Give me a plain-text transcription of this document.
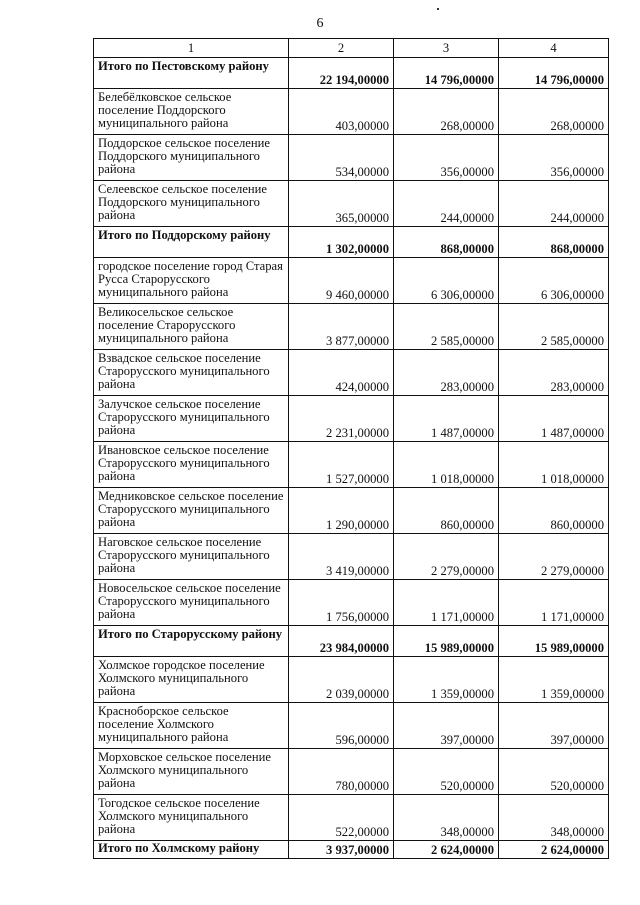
6
1	2	3	4
Итого по Пестовскому району	22 194,00000	14 796,00000	14 796,00000
Белебёлковское сельское поселение Поддорского муниципального района	403,00000	268,00000	268,00000
Поддорское сельское поселение Поддорского муниципального района	534,00000	356,00000	356,00000
Селеевское сельское поселение Поддорского муниципального района	365,00000	244,00000	244,00000
Итого по Поддорскому району	1 302,00000	868,00000	868,00000
городское поселение город Старая Русса Старорусского муниципального района	9 460,00000	6 306,00000	6 306,00000
Великосельское сельское поселение Старорусского муниципального района	3 877,00000	2 585,00000	2 585,00000
Взвадское сельское поселение Старорусского муниципального района	424,00000	283,00000	283,00000
Залучское сельское поселение Старорусского муниципального района	2 231,00000	1 487,00000	1 487,00000
Ивановское сельское поселение Старорусского муниципального района	1 527,00000	1 018,00000	1 018,00000
Медниковское сельское поселение Старорусского муниципального района	1 290,00000	860,00000	860,00000
Наговское сельское поселение Старорусского муниципального района	3 419,00000	2 279,00000	2 279,00000
Новосельское сельское поселение Старорусского муниципального района	1 756,00000	1 171,00000	1 171,00000
Итого по Старорусскому району	23 984,00000	15 989,00000	15 989,00000
Холмское городское поселение Холмского муниципального района	2 039,00000	1 359,00000	1 359,00000
Красноборское сельское поселение Холмского муниципального района	596,00000	397,00000	397,00000
Морховское сельское поселение Холмского муниципального района	780,00000	520,00000	520,00000
Тогодское сельское поселение Холмского муниципального района	522,00000	348,00000	348,00000
Итого по Холмскому району	3 937,00000	2 624,00000	2 624,00000
